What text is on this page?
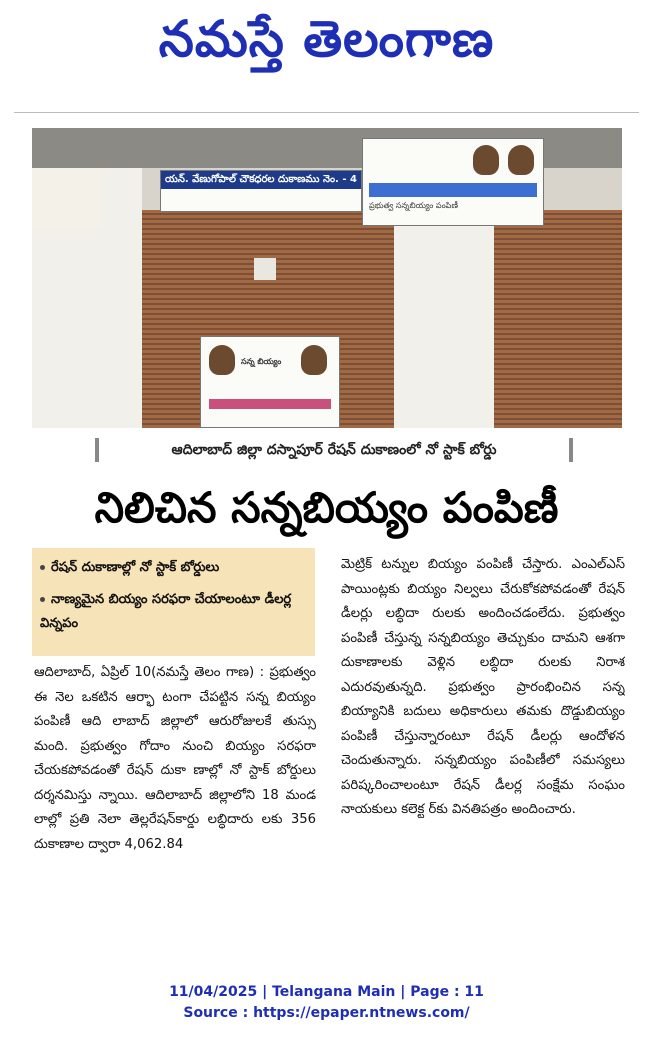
నమస్తే తెలంగాణ
యన్. వేణుగోపాల్ చౌకధరల దుకాణము నెం. - 4
ప్రభుత్వ సన్నబియ్యం పంపిణీ
సన్న బియ్యం
ఆదిలాబాద్ జిల్లా దస్నాపూర్ రేషన్ దుకాణంలో నో స్టాక్ బోర్డు
నిలిచిన సన్నబియ్యం పంపిణీ
రేషన్ దుకాణాల్లో నో స్టాక్ బోర్డులు
నాణ్యమైన బియ్యం సరఫరా చేయాలంటూ డీలర్ల విన్నపం
ఆదిలాబాద్, ఏప్రిల్ 10(నమస్తే తెలం గాణ) : ప్రభుత్వం ఈ నెల ఒకటిన ఆర్భా టంగా చేపట్టిన సన్న బియ్యం పంపిణీ ఆది లాబాద్ జిల్లాలో ఆరురోజులకే తుస్సు మంది. ప్రభుత్వం గోదాం నుంచి బియ్యం సరఫరా చేయకపోవడంతో రేషన్ దుకా ణాల్లో నో స్టాక్ బోర్డులు దర్శనమిస్తు న్నాయి. ఆదిలాబాద్ జిల్లాలోని 18 మండ లాల్లో ప్రతి నెలా తెల్లరేషన్‌కార్డు లబ్ధిదారు లకు 356 దుకాణాల ద్వారా 4,062.84
మెట్రిక్ టన్నుల బియ్యం పంపిణీ చేస్తారు. ఎంఎల్‌ఎస్ పాయింట్లకు బియ్యం నిల్వలు చేరుకోకపోవడంతో రేషన్ డీలర్లు లబ్ధిదా రులకు అందించడంలేదు. ప్రభుత్వం పంపిణీ చేస్తున్న సన్నబియ్యం తెచ్చుకుం దామని ఆశగా దుకాణాలకు వెళ్లిన లబ్ధిదా రులకు నిరాశ ఎదురవుతున్నది. ప్రభుత్వం ప్రారంభించిన సన్న బియ్యానికి బదులు అధికారులు తమకు దొడ్డుబియ్యం పంపిణీ చేస్తున్నారంటూ రేషన్ డీలర్లు ఆందోళన చెందుతున్నారు. సన్నబియ్యం పంపిణీలో సమస్యలు పరిష్కరించాలంటూ రేషన్ డీలర్ల సంక్షేమ సంఘం నాయకులు కలెక్ట ర్‌కు వినతిపత్రం అందించారు.
11/04/2025 | Telangana Main | Page : 11
Source : https://epaper.ntnews.com/
